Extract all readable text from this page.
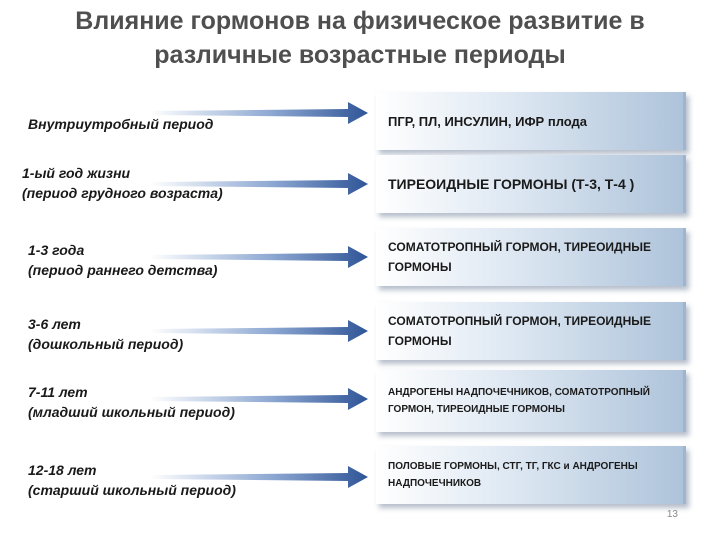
Влияние гормонов на физическое развитие в различные возрастные периоды
Внутриутробный период	ПГР, ПЛ, ИНСУЛИН, ИФР плода
1-ый год жизни
(период грудного возраста)
ТИРЕОИДНЫЕ ГОРМОНЫ (Т-3, Т-4 )
1-3 года
(период раннего детства)
СОМАТОТРОПНЫЙ ГОРМОН, ТИРЕОИДНЫЕ ГОРМОНЫ
3-6 лет
(дошкольный период)
СОМАТОТРОПНЫЙ ГОРМОН, ТИРЕОИДНЫЕ ГОРМОНЫ
7-11 лет
(младший школьный период)
АНДРОГЕНЫ НАДПОЧЕЧНИКОВ, СОМАТОТРОПНЫЙ ГОРМОН, ТИРЕОИДНЫЕ ГОРМОНЫ
12-18 лет
(старший школьный период)
ПОЛОВЫЕ ГОРМОНЫ, СТГ, ТГ, ГКС и АНДРОГЕНЫ НАДПОЧЕЧНИКОВ
13
